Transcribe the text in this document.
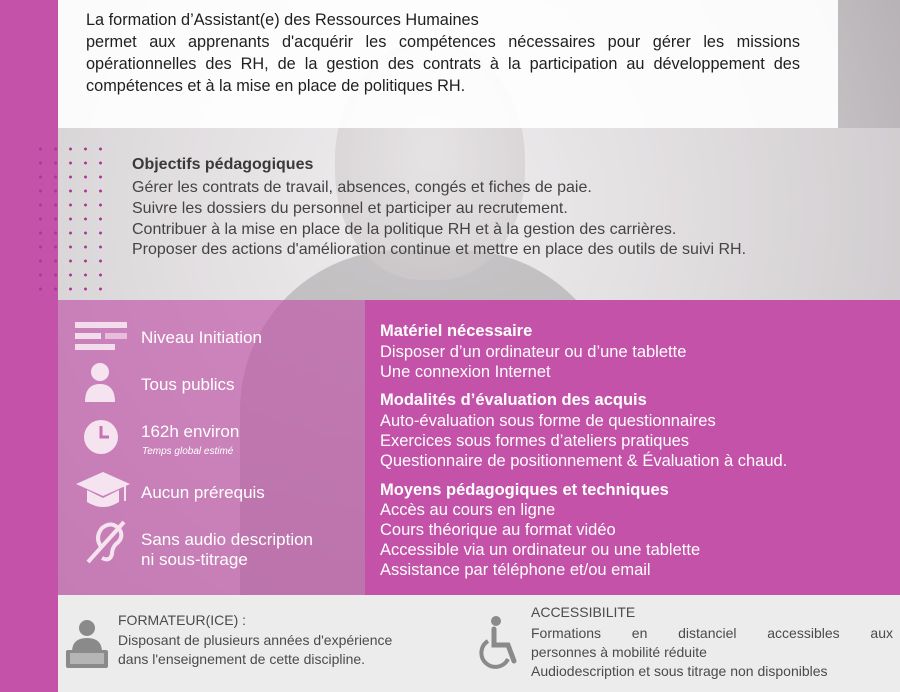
La formation d’Assistant(e) des Ressources Humaines
permet aux apprenants d'acquérir les compétences nécessaires pour gérer les missions opérationnelles des RH, de la gestion des contrats à la participation au développement des compétences et à la mise en place de politiques RH.

Objectifs pédagogiques

Gérer les contrats de travail, absences, congés et fiches de paie.
Suivre les dossiers du personnel et participer au recrutement.
Contribuer à la mise en place de la politique RH et à la gestion des carrières.
Proposer des actions d'amélioration continue et mettre en place des outils de suivi RH.
Niveau Initiation
Tous publics
162h environ
Temps global estimé
Aucun prérequis
Sans audio description
ni sous-titrage

Matériel nécessaire

Disposer d’un ordinateur ou d’une tablette
Une connexion Internet

Modalités d’évaluation des acquis

Auto-évaluation sous forme de questionnaires
Exercices sous formes d’ateliers pratiques
Questionnaire de positionnement & Évaluation à chaud.

Moyens pédagogiques et techniques

Accès au cours en ligne
Cours théorique au format vidéo
Accessible via un ordinateur ou une tablette
Assistance par téléphone et/ou email

FORMATEUR(ICE) :

Disposant de plusieurs années d'expérience
dans l'enseignement de cette discipline.

ACCESSIBILITE

Formations en distanciel accessibles aux
personnes à mobilité réduite
Audiodescription et sous titrage non disponibles
